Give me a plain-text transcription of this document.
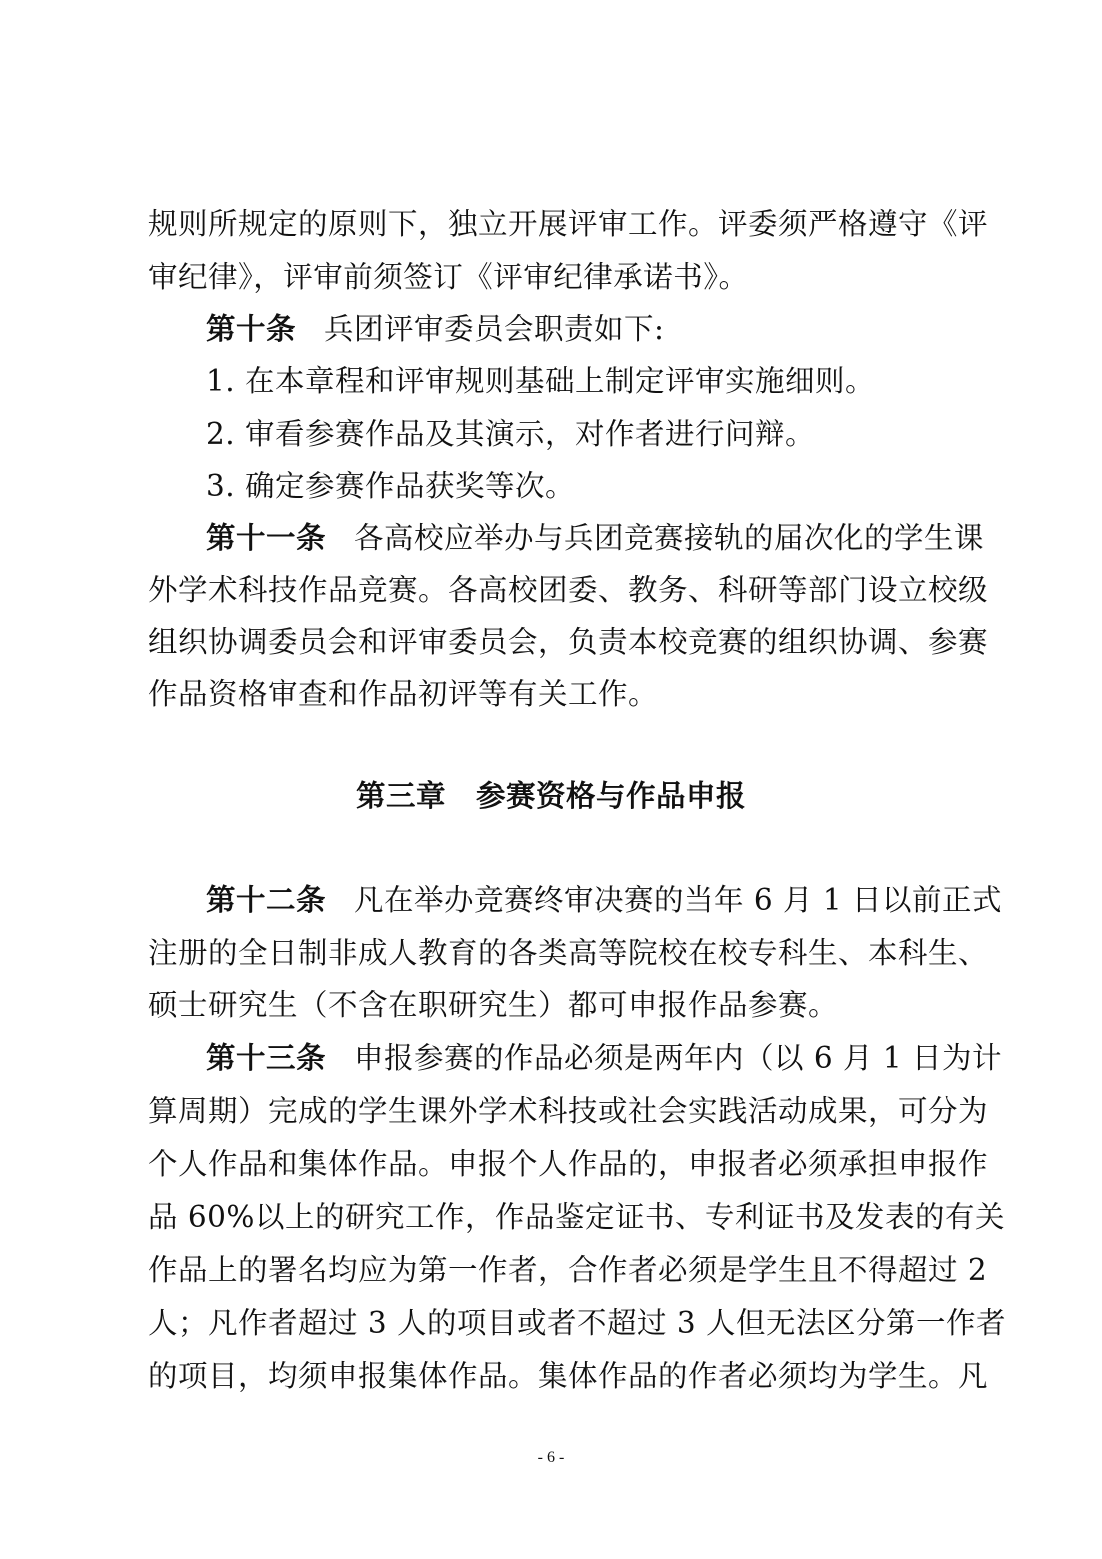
规则所规定的原则下，独立开展评审工作。评委须严格遵守《评
审纪律》，评审前须签订《评审纪律承诺书》。
第十条 兵团评审委员会职责如下:
1. 在本章程和评审规则基础上制定评审实施细则。
2. 审看参赛作品及其演示，对作者进行问辩。
3. 确定参赛作品获奖等次。
第十一条 各高校应举办与兵团竞赛接轨的届次化的学生课
外学术科技作品竞赛。各高校团委、教务、科研等部门设立校级
组织协调委员会和评审委员会，负责本校竞赛的组织协调、参赛
作品资格审查和作品初评等有关工作。
第三章 参赛资格与作品申报
第十二条 凡在举办竞赛终审决赛的当年 6 月 1 日以前正式
注册的全日制非成人教育的各类高等院校在校专科生、本科生、
硕士研究生（不含在职研究生）都可申报作品参赛。
第十三条 申报参赛的作品必须是两年内（以 6 月 1 日为计
算周期）完成的学生课外学术科技或社会实践活动成果，可分为
个人作品和集体作品。申报个人作品的，申报者必须承担申报作
品 60%以上的研究工作，作品鉴定证书、专利证书及发表的有关
作品上的署名均应为第一作者，合作者必须是学生且不得超过 2
人；凡作者超过 3 人的项目或者不超过 3 人但无法区分第一作者
的项目，均须申报集体作品。集体作品的作者必须均为学生。凡
- 6 -
